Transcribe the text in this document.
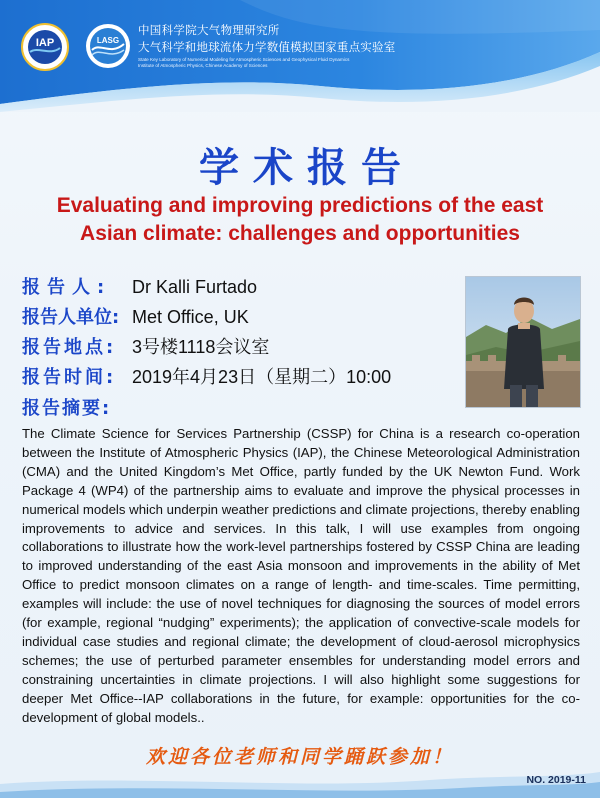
IAP	LASG
中国科学院大气物理研究所
大气科学和地球流体力学数值模拟国家重点实验室
State Key Laboratory of Numerical Modeling for Atmospheric Sciences and Geophysical Fluid Dynamics
Institute of Atmospheric Physics, Chinese Academy of Sciences
学术报告
Evaluating and improving predictions of the east
Asian climate: challenges and opportunities
报告人: Dr Kalli Furtado
报告人单位: Met Office, UK
报告地点: 3号楼1118会议室
报告时间: 2019年4月23日（星期二）10:00
报告摘要:

The Climate Science for Services Partnership (CSSP) for China is a research co-operation between the Institute of Atmospheric Physics (IAP), the Chinese Meteorological Administration (CMA) and the United Kingdom’s Met Office, partly funded by the UK Newton Fund. Work Package 4 (WP4) of the partnership aims to evaluate and improve the physical processes in numerical models which underpin weather predictions and climate projections, thereby enabling improvements to advice and services. In this talk, I will use examples from ongoing collaborations to illustrate how the work-level partnerships fostered by CSSP China are leading to improved understanding of the east Asia monsoon and improvements in the ability of Met Office to predict monsoon climates on a range of length- and time-scales. Time permitting, examples will include: the use of novel techniques for diagnosing the sources of model errors (for example, regional “nudging” experiments); the application of convective-scale models for individual case studies and regional climate; the development of cloud-aerosol microphysics schemes; the use of perturbed parameter ensembles for understanding model errors and constraining uncertainties in climate projections. I will also highlight some suggestions for deeper Met Office--IAP collaborations in the future, for example: opportunities for the co-development of global models..

欢迎各位老师和同学踊跃参加！
NO. 2019-11
